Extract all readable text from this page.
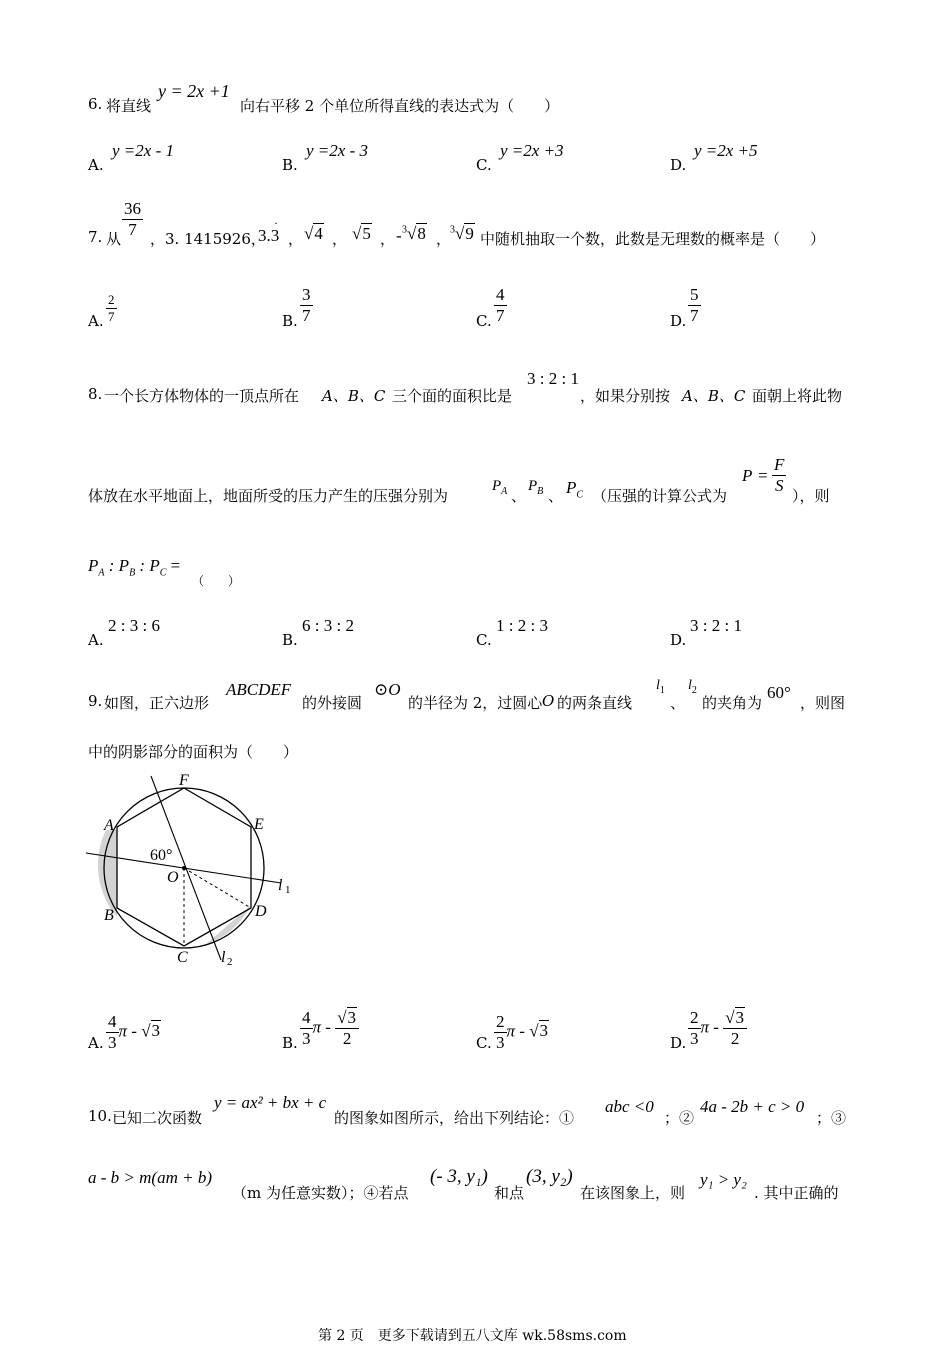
6. 将直线
y = 2x +1
向右平移 2 个单位所得直线的表达式为（　　）
A.
y =2x - 1
B.
y =2x - 3
C.
y =2x +3
D.
y =2x +5
7. 从 $\frac{36}{7}$ ，3. 1415926，
3.3
·
， √4 ， √5 ， - $^3$√8 ，
$^3$√9 中随机抽取一个数，此数是无理数的概率是（　　）
A. $\frac{2}{7}$	B. $\frac{3}{7}$	C. $\frac{4}{7}$	D. $\frac{5}{7}$
8. 一个长方体物体的一顶点所在 A、B、C 三个面的面积比是
3 : 2 : 1
，如果分别按 A、B、C 面朝上将此物
体放在水平地面上，地面所受的压力产生的压强分别为
$P_A$ 、
$P_B$ 、 $P_C$ （压强的计算公式为
$P = \frac{F}{S}$ ），则
$P_A$ : $P_B$ : $P_C$ =
（　　）
A.
2 : 3 : 6
B.
6 : 3 : 2
C.
1 : 2 : 3
D.
3 : 2 : 1
9. 如图，正六边形
ABCDEF
的外接圆
⊙O
的半径为 2，过圆心 O 的两条直线
$l_1$
、
$l_2$
的夹角为
60°
，则图
中的阴影部分的面积为（　　）
F
E
A
B
C
D
O	l
l
1
2
60°
A. $\frac{4}{3}$ π - √3
B. $\frac{4}{3}$ π - $\frac{√3}{2}$	C. $\frac{2}{3}$ π - √3
D. $\frac{2}{3}$ π - $\frac{√3}{2}$
10. 已知二次函数
y = ax² + bx + c
的图象如图所示，给出下列结论：①
abc <0
；②
4a - 2b + c > 0
；③
a - b > m(am + b)
（m 为任意实数）；④若点
(- 3, y₁)
和点
(3, y₂)
在该图象上，则
y₁ > y₂
. 其中正确的
第 2 页　更多下载请到五八文库 wk.58sms.com
